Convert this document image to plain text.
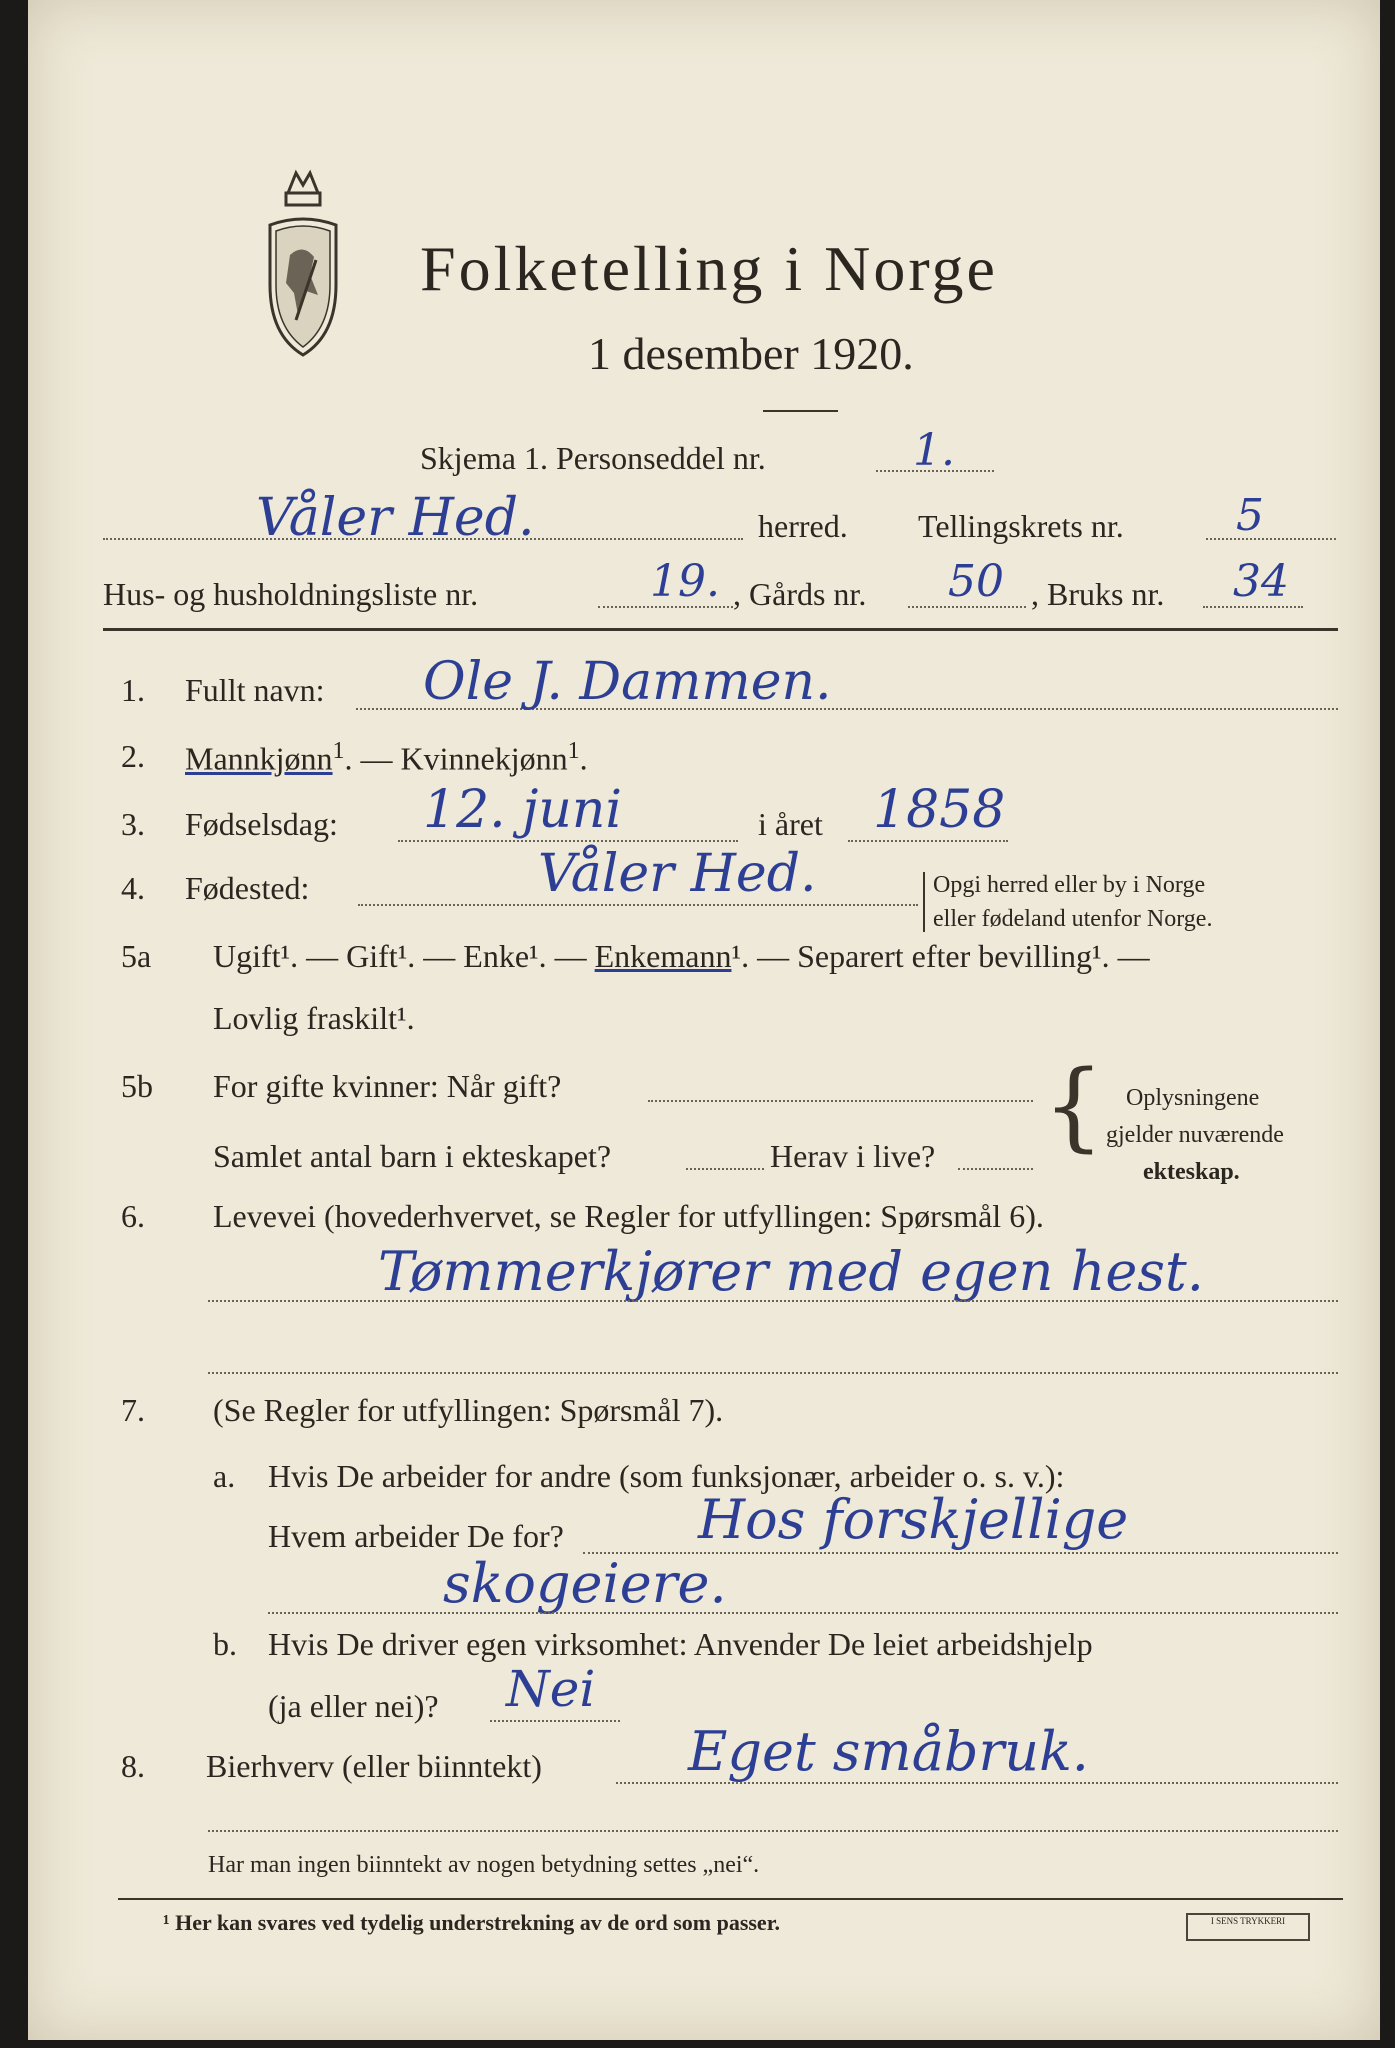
Folketelling i Norge
1 desember 1920.
Skjema 1. Personseddel nr.	1.
Våler Hed.	herred. Tellingskrets nr.	5
Hus- og husholdningsliste nr.	19. , Gårds nr. 50 , Bruks nr. 34
1. Fullt navn: Ole J. Dammen.
2. Mannkjønn$^1$. — Kvinnekjønn$^1$.
3. Fødselsdag: 12. juni	i året 1858
4. Fødested:	Våler Hed.	Opgi herred eller by i Norge
eller fødeland utenfor Norge.
5a Ugift¹. — Gift¹. — Enke¹. — Enkemann¹. — Separert efter bevilling¹. —
Lovlig fraskilt¹.
5b For gifte kvinner: Når gift?
Samlet antal barn i ekteskapet?	Herav i live? { Oplysningene
gjelder nuværende
ekteskap.
6. Levevei (hovederhvervet, se Regler for utfyllingen: Spørsmål 6).
Tømmerkjører med egen hest.
7. (Se Regler for utfyllingen: Spørsmål 7).
a. Hvis De arbeider for andre (som funksjonær, arbeider o. s. v.):
Hvem arbeider De for? Hos forskjellige
skogeiere.
b. Hvis De driver egen virksomhet: Anvender De leiet arbeidshjelp
(ja eller nei)? Nei
8. Bierhverv (eller biinntekt)	Eget småbruk.
Har man ingen biinntekt av nogen betydning settes „nei“.
¹ Her kan svares ved tydelig understrekning av de ord som passer.	I SENS TRYKKERI
